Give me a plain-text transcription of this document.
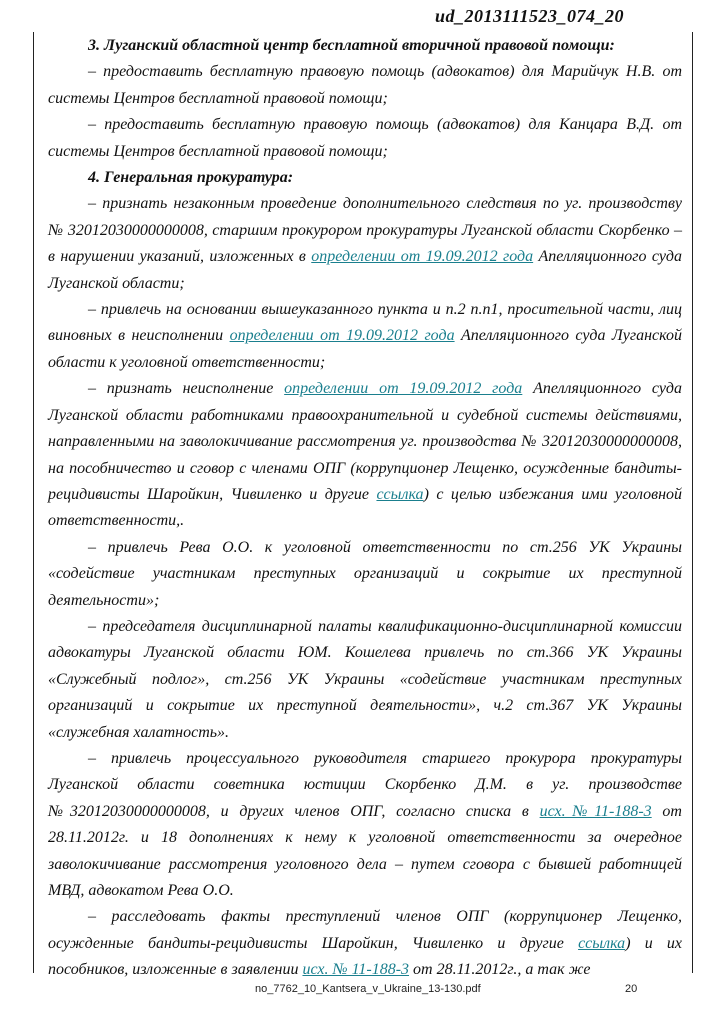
ud_2013111523_074_20

3. Луганский областной центр бесплатной вторичной правовой помощи:

– предоставить бесплатную правовую помощь (адвокатов) для Марийчук Н.В. от системы Центров бесплатной правовой помощи;

– предоставить бесплатную правовую помощь (адвокатов) для Канцара В.Д. от системы Центров бесплатной правовой помощи;

4. Генеральная прокуратура:

– признать незаконным проведение дополнительного следствия по уг. производству № 32012030000000008, старшим прокурором прокуратуры Луганской области Скорбенко – в нарушении указаний, изложенных в определении от 19.09.2012 года Апелляционного суда Луганской области;

– привлечь на основании вышеуказанного пункта и п.2 п.п1, просительной части, лиц виновных в неисполнении определении от 19.09.2012 года Апелляционного суда Луганской области к уголовной ответственности;

– признать неисполнение определении от 19.09.2012 года Апелляционного суда Луганской области работниками правоохранительной и судебной системы действиями, направленными на заволокичивание рассмотрения уг. производства № 32012030000000008, на пособничество и сговор с членами ОПГ (коррупционер Лещенко, осужденные бандиты-рецидивисты Шаройкин, Чивиленко и другие ссылка) с целью избежания ими уголовной ответственности,.

– привлечь Рева О.О. к уголовной ответственности по ст.256 УК Украины «содействие участникам преступных организаций и сокрытие их преступной деятельности»;

– председателя дисциплинарной палаты квалификационно-дисциплинарной комиссии адвокатуры Луганской области ЮМ. Кошелева привлечь по ст.366 УК Украины «Служебный подлог», ст.256 УК Украины «содействие участникам преступных организаций и сокрытие их преступной деятельности», ч.2 ст.367 УК Украины «служебная халатность».

– привлечь процессуального руководителя старшего прокурора прокуратуры Луганской области советника юстиции Скорбенко Д.М. в уг. производстве №32012030000000008, и других членов ОПГ, согласно списка в исх.№11-188-3 от 28.11.2012г. и 18 дополнениях к нему к уголовной ответственности за очередное заволокичивание рассмотрения уголовного дела – путем сговора с бывшей работницей МВД, адвокатом Рева О.О.

– расследовать факты преступлений членов ОПГ (коррупционер Лещенко, осужденные бандиты-рецидивисты Шаройкин, Чивиленко и другие ссылка) и их пособников, изложенные в заявлении исх. № 11-188-3 от 28.11.2012г., а так же

no_7762_10_Kantsera_v_Ukraine_13-130.pdf	20
